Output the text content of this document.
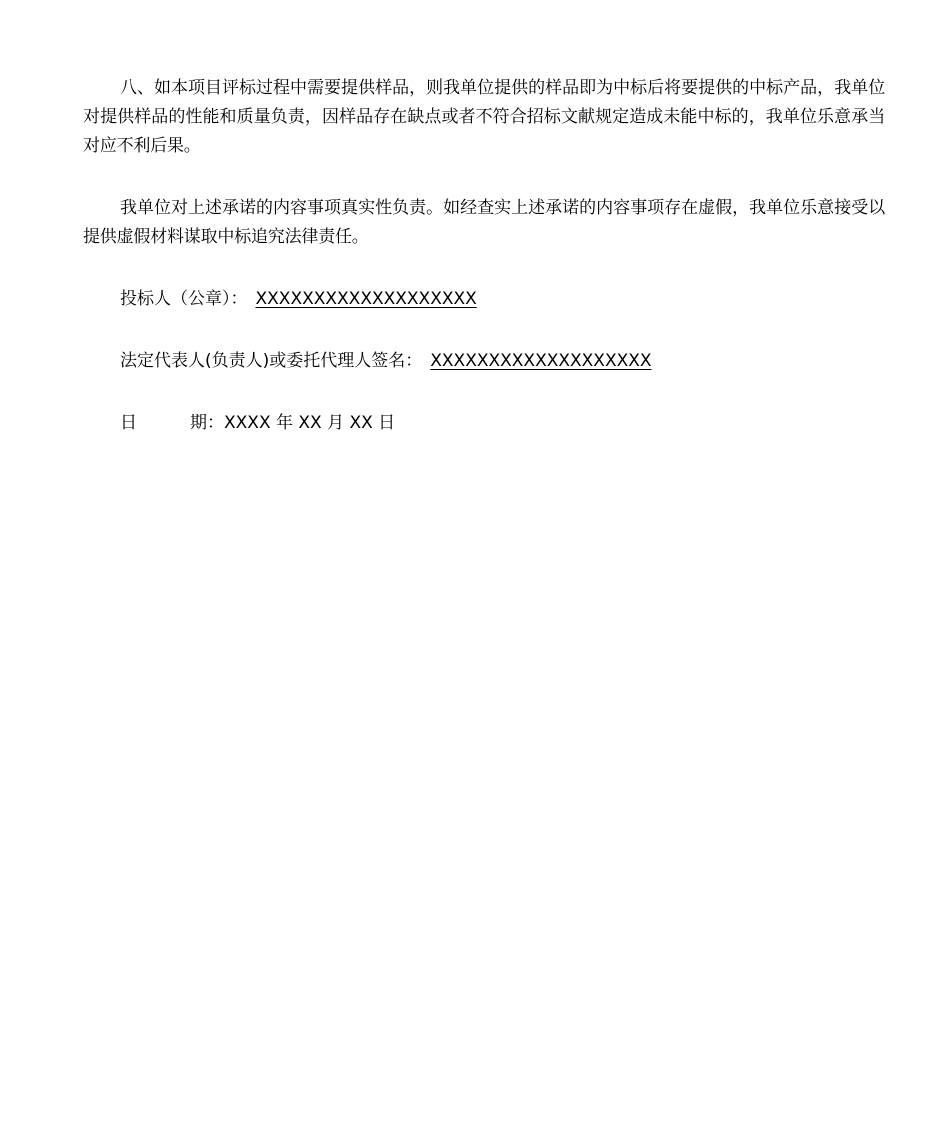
八、如本项目评标过程中需要提供样品，则我单位提供的样品即为中标后将要提供的中标产品，我单位对提供样品的性能和质量负责，因样品存在缺点或者不符合招标文献规定造成未能中标的，我单位乐意承当对应不利后果。

我单位对上述承诺的内容事项真实性负责。如经查实上述承诺的内容事项存在虚假，我单位乐意接受以提供虚假材料谋取中标追究法律责任。

投标人（公章）： XXXXXXXXXXXXXXXXXXX

法定代表人(负责人)或委托代理人签名： XXXXXXXXXXXXXXXXXXX

日	期：XXXX 年 XX 月 XX 日
